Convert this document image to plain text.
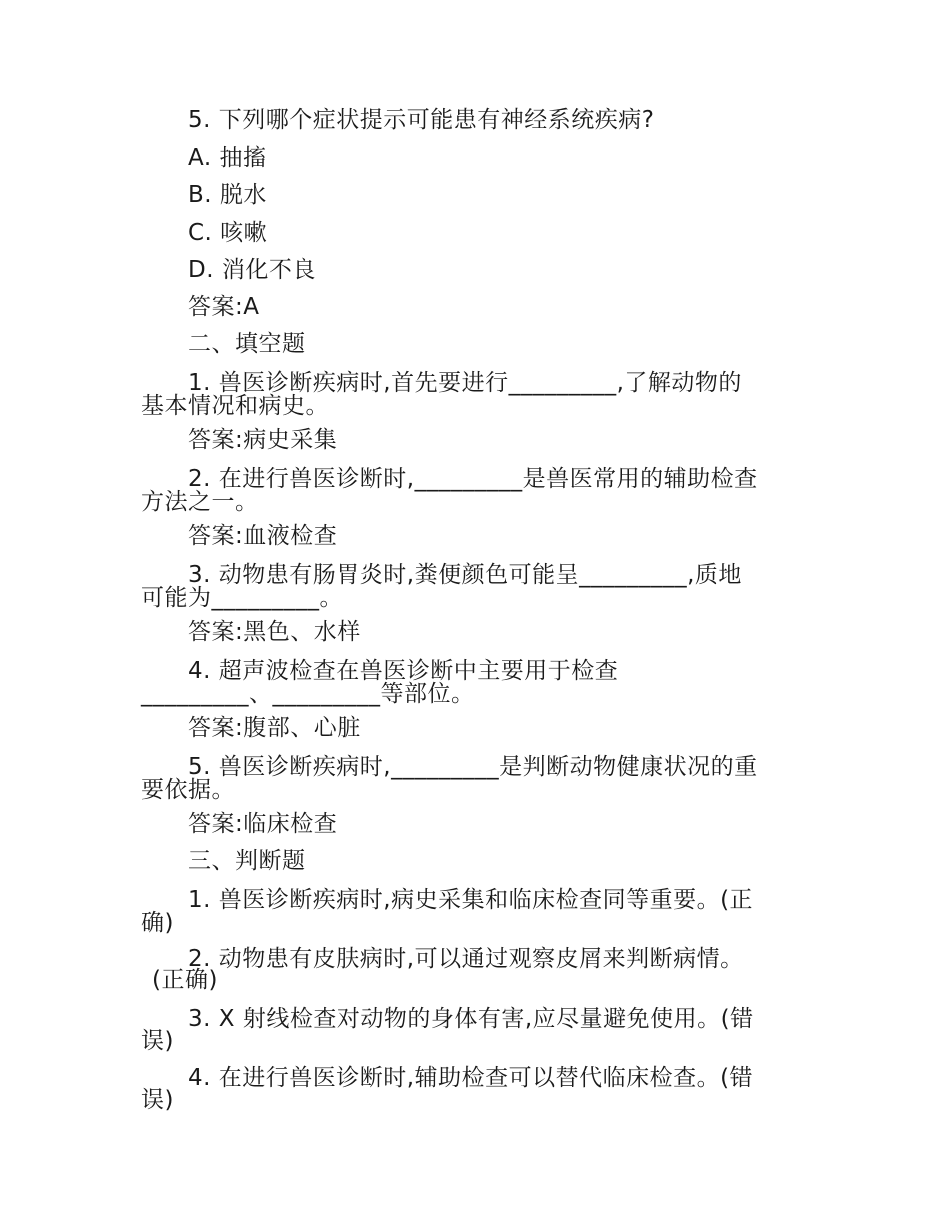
5. 下列哪个症状提示可能患有神经系统疾病?
A. 抽搐
B. 脱水
C. 咳嗽
D. 消化不良
答案:A
二、填空题
1. 兽医诊断疾病时,首先要进行_________,了解动物的
基本情况和病史。
答案:病史采集
2. 在进行兽医诊断时,_________是兽医常用的辅助检查
方法之一。
答案:血液检查
3. 动物患有肠胃炎时,粪便颜色可能呈_________,质地
可能为_________。
答案:黑色、水样
4. 超声波检查在兽医诊断中主要用于检查
_________、_________等部位。
答案:腹部、心脏
5. 兽医诊断疾病时,_________是判断动物健康状况的重
要依据。
答案:临床检查
三、判断题
1. 兽医诊断疾病时,病史采集和临床检查同等重要。(正
确)
2. 动物患有皮肤病时,可以通过观察皮屑来判断病情。
(正确)
3. X 射线检查对动物的身体有害,应尽量避免使用。(错
误)
4. 在进行兽医诊断时,辅助检查可以替代临床检查。(错
误)
